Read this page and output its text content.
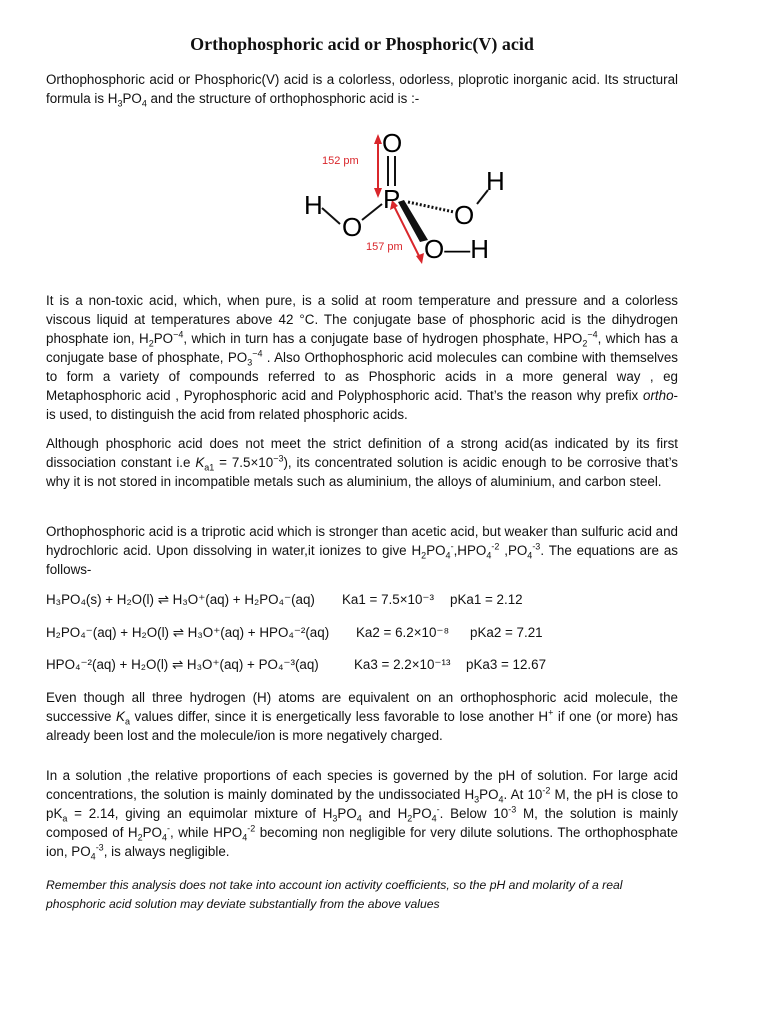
Orthophosphoric acid or Phosphoric(V) acid

Orthophosphoric acid or Phosphoric(V) acid is a colorless, odorless, ploprotic inorganic acid. Its structural formula is $H_3PO_4$ and the structure of orthophosphoric acid is :-

O
P
H
O	O
H
O—H
152 pm
157 pm

It is a non-toxic acid, which, when pure, is a solid at room temperature and pressure and a colorless viscous liquid at temperatures above 42 °C. The conjugate base of phosphoric acid is the dihydrogen phosphate ion, $H_2PO^{-4}$, which in turn has a conjugate base of hydrogen phosphate, $HPO_2^{-4}$, which has a conjugate base of phosphate, $PO_3^{-4}$ . Also Orthophosphoric acid molecules can combine with themselves to form a variety of compounds referred to as Phosphoric acids in a more general way , eg Metaphosphoric acid , Pyrophosphoric acid and Polyphosphoric acid. That’s the reason why prefix ortho- is used, to distinguish the acid from related phosphoric acids.

Although phosphoric acid does not meet the strict definition of a strong acid(as indicated by its first dissociation constant i.e $K_{a1} = 7.5\times 10^{-3}$), its concentrated solution is acidic enough to be corrosive that’s why it is not stored in incompatible metals such as aluminium, the alloys of aluminium, and carbon steel.

Orthophosphoric acid is a triprotic acid which is stronger than acetic acid, but weaker than sulfuric acid and hydrochloric acid. Upon dissolving in water,it ionizes to give $H_2PO_4^-,HPO_4^{-2}$ $,PO_4^{-3}$. The equations are as follows-

H₃PO₄(s) + H₂O(l) ⇌ H₃O⁺(aq) + H₂PO₄⁻(aq) Ka1 = 7.5×10⁻³ pKa1 = 2.12
H₂PO₄⁻(aq) + H₂O(l) ⇌ H₃O⁺(aq) + HPO₄⁻²(aq) Ka2 = 6.2×10⁻⁸ pKa2 = 7.21
HPO₄⁻²(aq) + H₂O(l) ⇌ H₃O⁺(aq) + PO₄⁻³(aq)	Ka3 = 2.2×10⁻¹³ pKa3 = 12.67

Even though all three hydrogen (H) atoms are equivalent on an orthophosphoric acid molecule, the successive $K_a$ values differ, since it is energetically less favorable to lose another H+ if one (or more) has already been lost and the molecule/ion is more negatively charged.

In a solution ,the relative proportions of each species is governed by the pH of solution. For large acid concentrations, the solution is mainly dominated by the undissociated $H_3PO_4$. At $10^{-2}$ M, the pH is close to $pK_a = 2.14$, giving an equimolar mixture of $H_3PO_4$ and $H_2PO_4^-$. Below $10^{-3}$ M, the solution is mainly composed of $H_2PO_4^-$, while $HPO_4^{-2}$ becoming non negligible for very dilute solutions. The orthophosphate ion, $PO_4^{-3}$, is always negligible.

Remember this analysis does not take into account ion activity coefficients, so the pH and molarity of a real phosphoric acid solution may deviate substantially from the above values
